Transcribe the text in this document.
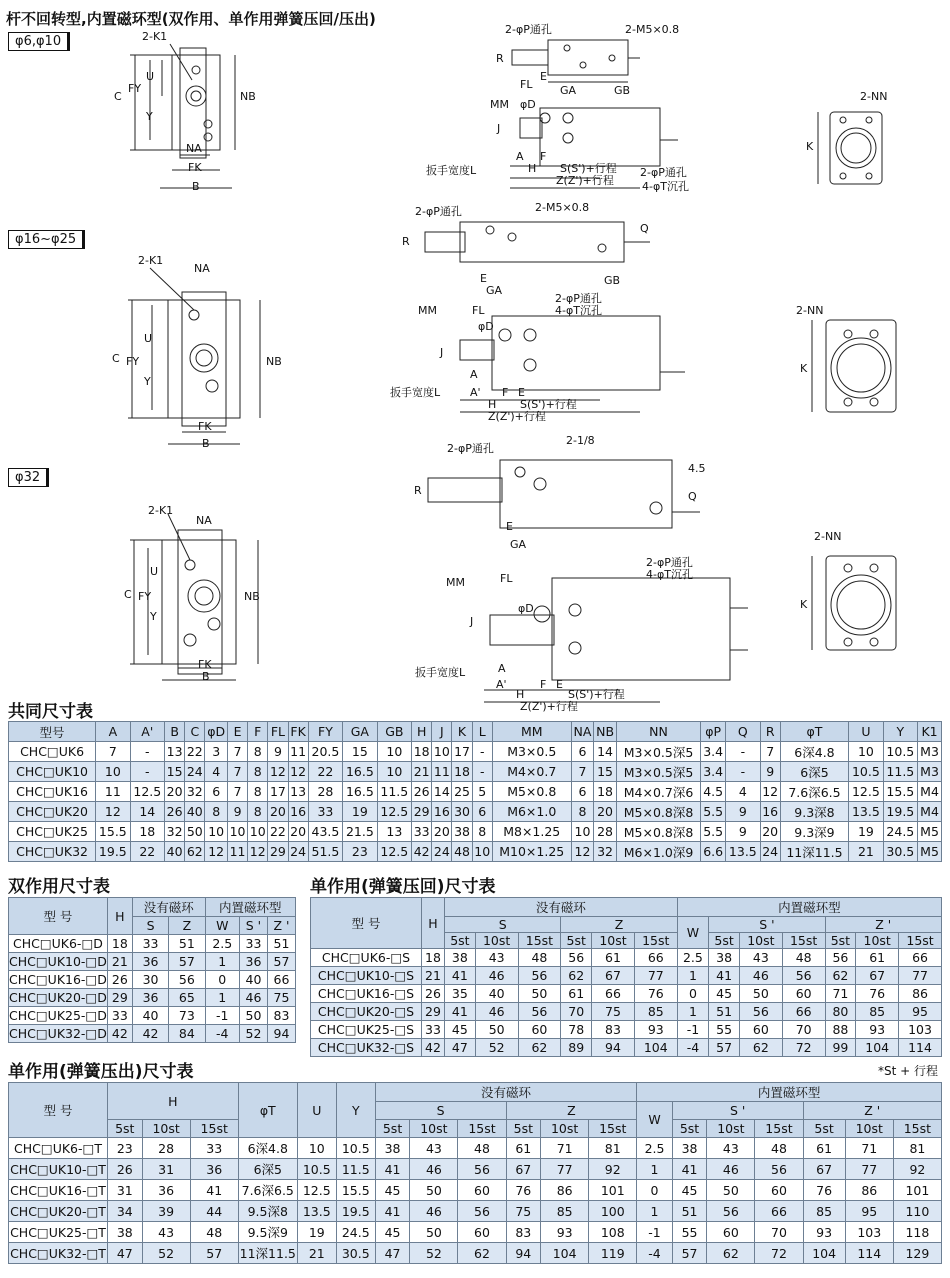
杆不回转型,内置磁环型(双作用、单作用弹簧压回/压出)
φ6,φ10
φ16~φ25
φ32
2-K1
C
FY
U
Y
NB
NA
FK
B
2-φP通孔	2-M5×0.8
R
FL
E
GA	GB
MM φD
J
A
H
F
S(S')+行程
Z(Z')+行程
2-φP通孔
4-φT沉孔
扳手宽度L
2-NN
K
2-K1
NA
C FY
U
Y
NB
FK
B
2-φP通孔	2-M5×0.8
R
Q
E
GA
GB
FL
MM
φD
J
A
A'
H
F E
S(S')+行程
Z(Z')+行程
2-φP通孔
4-φT沉孔
扳手宽度L
2-NN
K
2-K1
NA
C FY
U
Y
NB
FK
B
2-φP通孔
2-1/8
R
4.5
Q
E
GA
MM	FL
φD
J
A
A'
H
F E
S(S')+行程
Z(Z')+行程
2-φP通孔
4-φT沉孔
扳手宽度L
2-NN
K
共同尺寸表
型号	A	A'	B	C	φD	E	F	FL	FK	FY	GA	GB	H	J	K	L	MM	NA	NB	NN	φP	Q	R	φT	U	Y	K1
CHC□UK6	7	-	13	22	3	7	8	9	11	20.5	15	10	18	10	17	-	M3×0.5	6	14	M3×0.5深5	3.4	-	7	6深4.8	10	10.5	M3
CHC□UK10	10	-	15	24	4	7	8	12	12	22	16.5	10	21	11	18	-	M4×0.7	7	15	M3×0.5深5	3.4	-	9	6深5	10.5	11.5	M3
CHC□UK16	11	12.5	20	32	6	7	8	17	13	28	16.5	11.5	26	14	25	5	M5×0.8	6	18	M4×0.7深6	4.5	4	12	7.6深6.5	12.5	15.5	M4
CHC□UK20	12	14	26	40	8	9	8	20	16	33	19	12.5	29	16	30	6	M6×1.0	8	20	M5×0.8深8	5.5	9	16	9.3深8	13.5	19.5	M4
CHC□UK25	15.5	18	32	50	10	10	10	22	20	43.5	21.5	13	33	20	38	8	M8×1.25	10	28	M5×0.8深8	5.5	9	20	9.3深9	19	24.5	M5
CHC□UK32	19.5	22	40	62	12	11	12	29	24	51.5	23	12.5	42	24	48	10	M10×1.25	12	32	M6×1.0深9	6.6	13.5	24	11深11.5	21	30.5	M5
双作用尺寸表
型 号	H	没有磁环		内置磁环型		
		S	Z	W	S '	Z '
CHC□UK6-□D	18	33	51	2.5	33	51
CHC□UK10-□D	21	36	57	1	36	57
CHC□UK16-□D	26	30	56	0	40	66
CHC□UK20-□D	29	36	65	1	46	75
CHC□UK25-□D	33	40	73	-1	50	83
CHC□UK32-□D	42	42	84	-4	52	94
单作用(弹簧压回)尺寸表
型 号	H	没有磁环						内置磁环型						
		S			Z			W	S '			Z '		
		5st	10st	15st	5st	10st	15st		5st	10st	15st	5st	10st	15st
CHC□UK6-□S	18	38	43	48	56	61	66	2.5	38	43	48	56	61	66
CHC□UK10-□S	21	41	46	56	62	67	77	1	41	46	56	62	67	77
CHC□UK16-□S	26	35	40	50	61	66	76	0	45	50	60	71	76	86
CHC□UK20-□S	29	41	46	56	70	75	85	1	51	56	66	80	85	95
CHC□UK25-□S	33	45	50	60	78	83	93	-1	55	60	70	88	93	103
CHC□UK32-□S	42	47	52	62	89	94	104	-4	57	62	72	99	104	114
单作用(弹簧压出)尺寸表	*St + 行程
型 号	H			φT	U	Y	没有磁环						内置磁环型						
							S			Z			W	S '			Z '		
	5st	10st	15st				5st	10st	15st	5st	10st	15st		5st	10st	15st	5st	10st	15st
CHC□UK6-□T	23	28	33	6深4.8	10	10.5	38	43	48	61	71	81	2.5	38	43	48	61	71	81
CHC□UK10-□T	26	31	36	6深5	10.5	11.5	41	46	56	67	77	92	1	41	46	56	67	77	92
CHC□UK16-□T	31	36	41	7.6深6.5	12.5	15.5	45	50	60	76	86	101	0	45	50	60	76	86	101
CHC□UK20-□T	34	39	44	9.5深8	13.5	19.5	41	46	56	75	85	100	1	51	56	66	85	95	110
CHC□UK25-□T	38	43	48	9.5深9	19	24.5	45	50	60	83	93	108	-1	55	60	70	93	103	118
CHC□UK32-□T	47	52	57	11深11.5	21	30.5	47	52	62	94	104	119	-4	57	62	72	104	114	129
